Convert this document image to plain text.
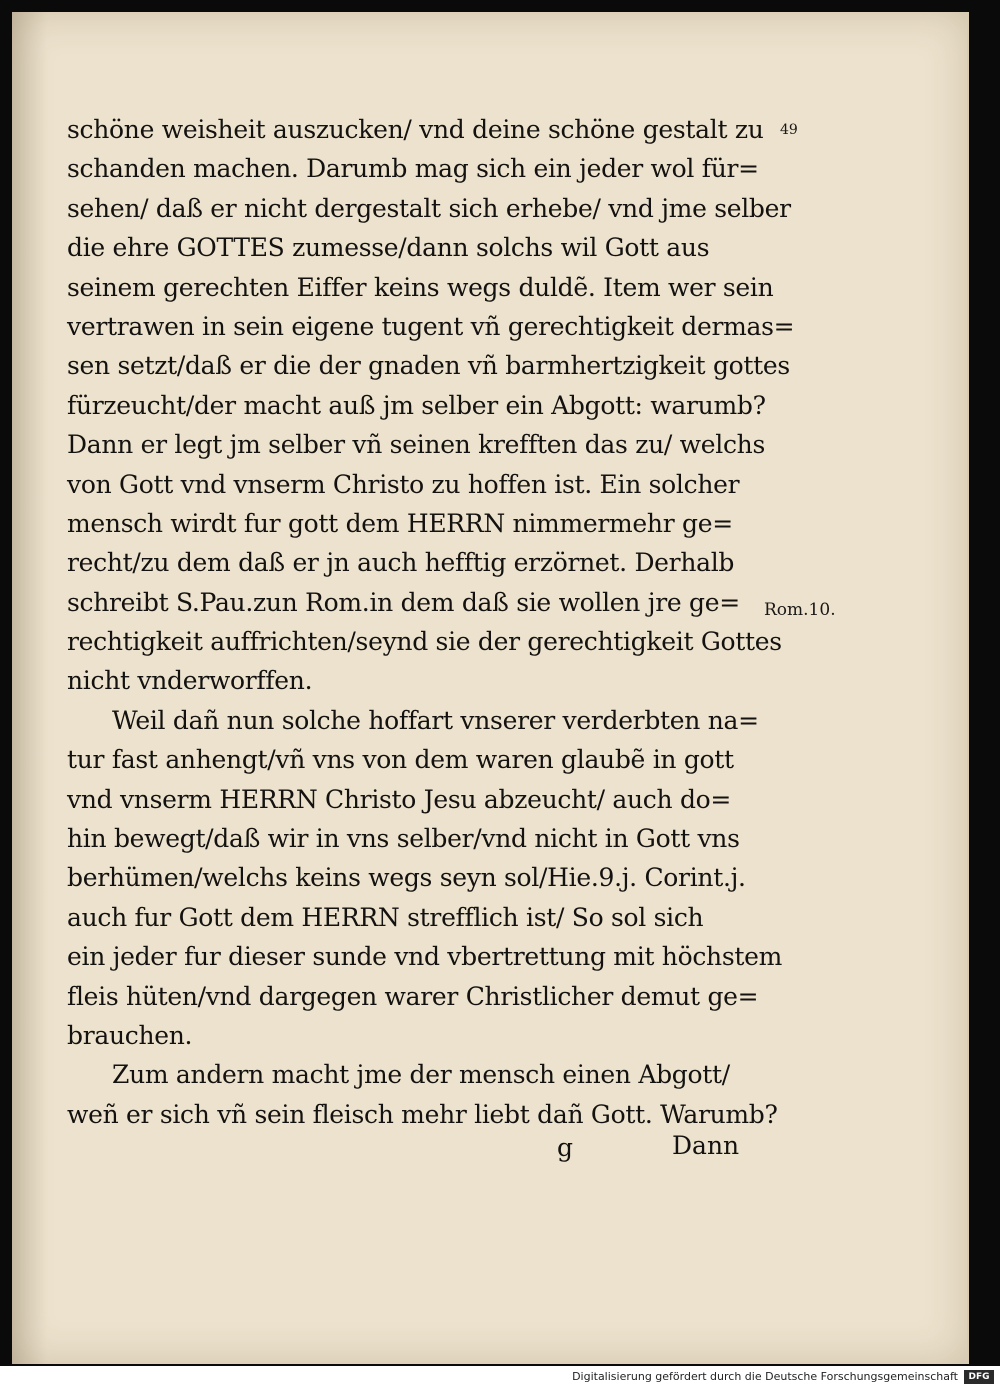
schöne weisheit auszucken/ vnd deine schöne gestalt zu
schanden machen. Darumb mag sich ein jeder wol für=
sehen/ daß er nicht dergestalt sich erhebe/ vnd jme selber
die ehre GOTTES zumesse/dann solchs wil Gott aus
seinem gerechten Eiffer keins wegs duldẽ. Item wer sein
vertrawen in sein eigene tugent vñ gerechtigkeit dermas=
sen setzt/daß er die der gnaden vñ barmhertzigkeit gottes
fürzeucht/der macht auß jm selber ein Abgott: warumb?
Dann er legt jm selber vñ seinen krefften das zu/ welchs
von Gott vnd vnserm Christo zu hoffen ist. Ein solcher
mensch wirdt fur gott dem HERRN nimmermehr ge=
recht/zu dem daß er jn auch hefftig erzörnet. Derhalb
schreibt S.Pau.zun Rom.in dem daß sie wollen jre ge=
rechtigkeit auffrichten/seynd sie der gerechtigkeit Gottes
nicht vnderworffen.
Weil dañ nun solche hoffart vnserer verderbten na=
tur fast anhengt/vñ vns von dem waren glaubẽ in gott
vnd vnserm HERRN Christo Jesu abzeucht/ auch do=
hin bewegt/daß wir in vns selber/vnd nicht in Gott vns
berhümen/welchs keins wegs seyn sol/Hie.9.j. Corint.j.
auch fur Gott dem HERRN strefflich ist/ So sol sich
ein jeder fur dieser sunde vnd vbertrettung mit höchstem
fleis hüten/vnd dargegen warer Christlicher demut ge=
brauchen.
Zum andern macht jme der mensch einen Abgott/
weñ er sich vñ sein fleisch mehr liebt dañ Gott. Warumb?
49
Rom.10.
g	Dann
Digitalisierung gefördert durch die Deutsche Forschungsgemeinschaft	DFG
